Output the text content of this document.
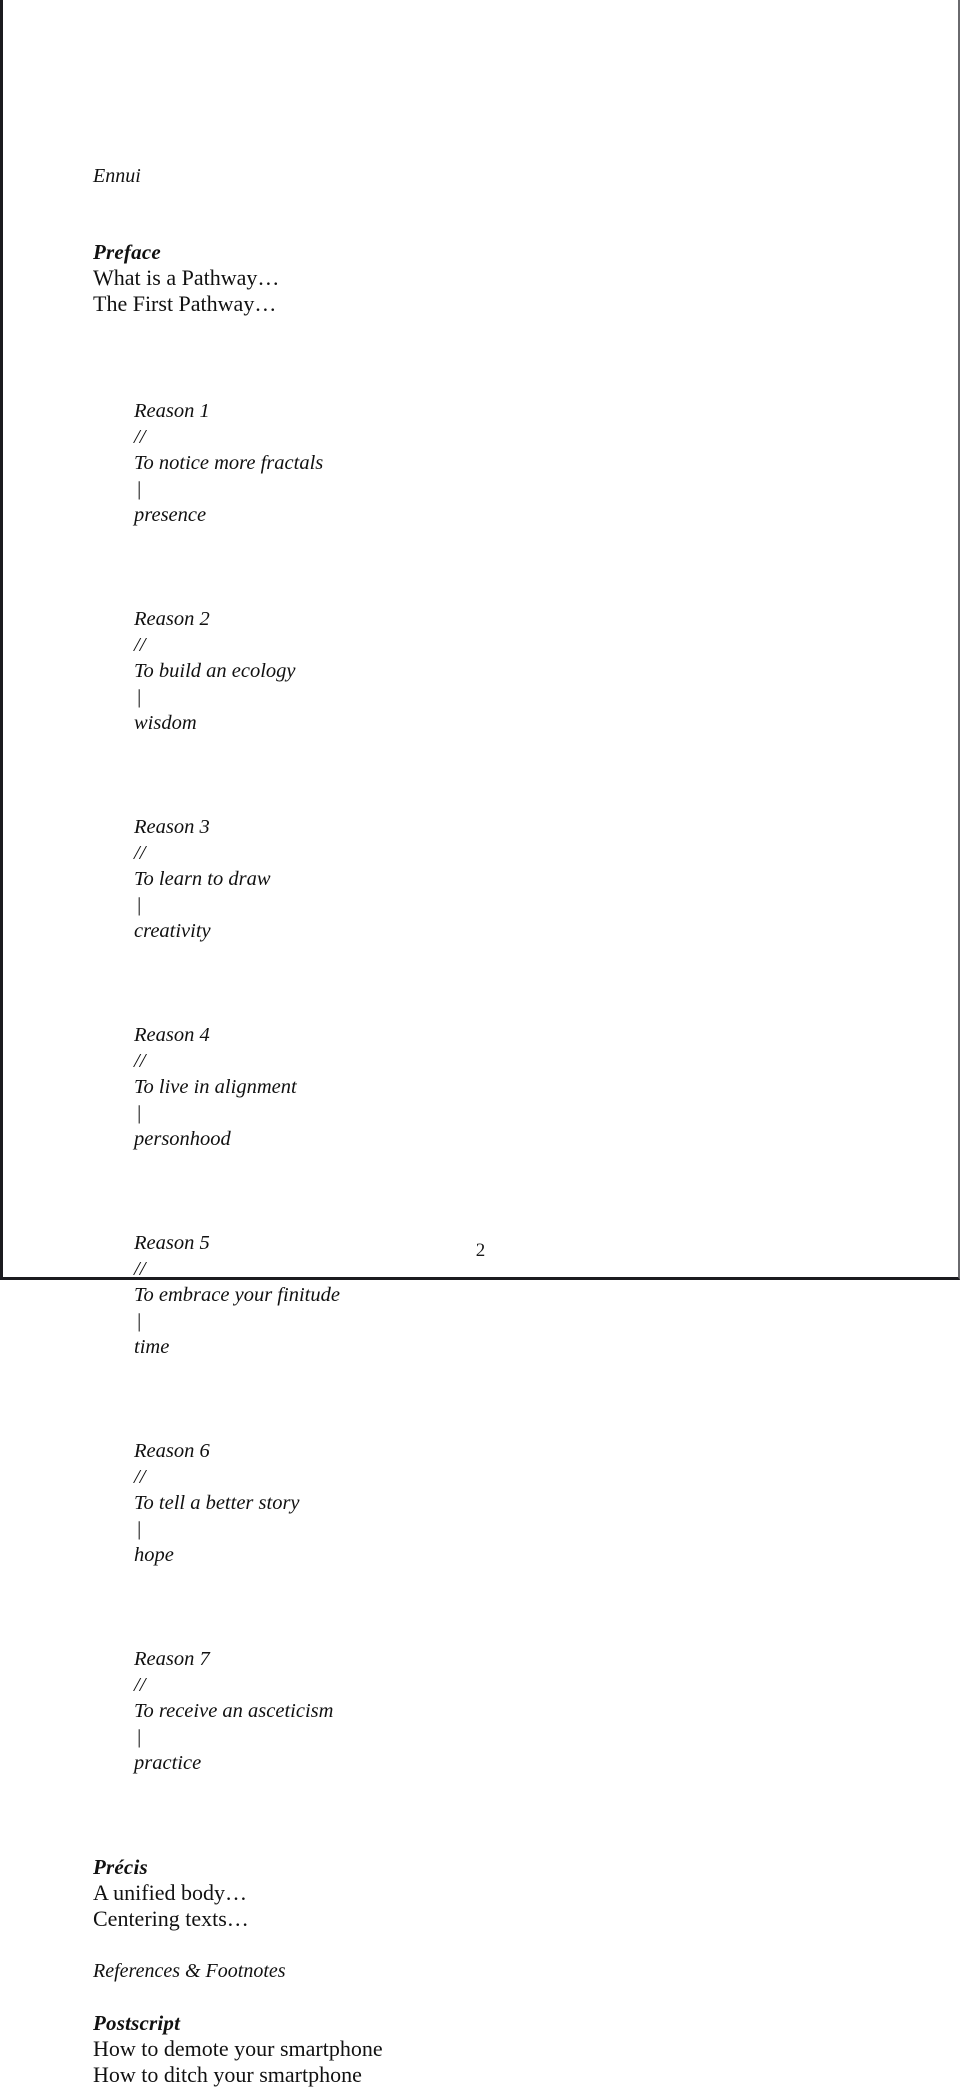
Ennui
Preface
What is a Pathway…
The First Pathway…

Reason 1
//
To notice more fractals
|
presence

Reason 2
//
To build an ecology
|
wisdom

Reason 3
//
To learn to draw
|
creativity

Reason 4
//
To live in alignment
|
personhood

Reason 5
//
To embrace your finitude
|
time

Reason 6
//
To tell a better story
|
hope

Reason 7
//
To receive an asceticism
|
practice

Précis
A unified body…
Centering texts…
References & Footnotes
Postscript
How to demote your smartphone
How to ditch your smartphone
2
